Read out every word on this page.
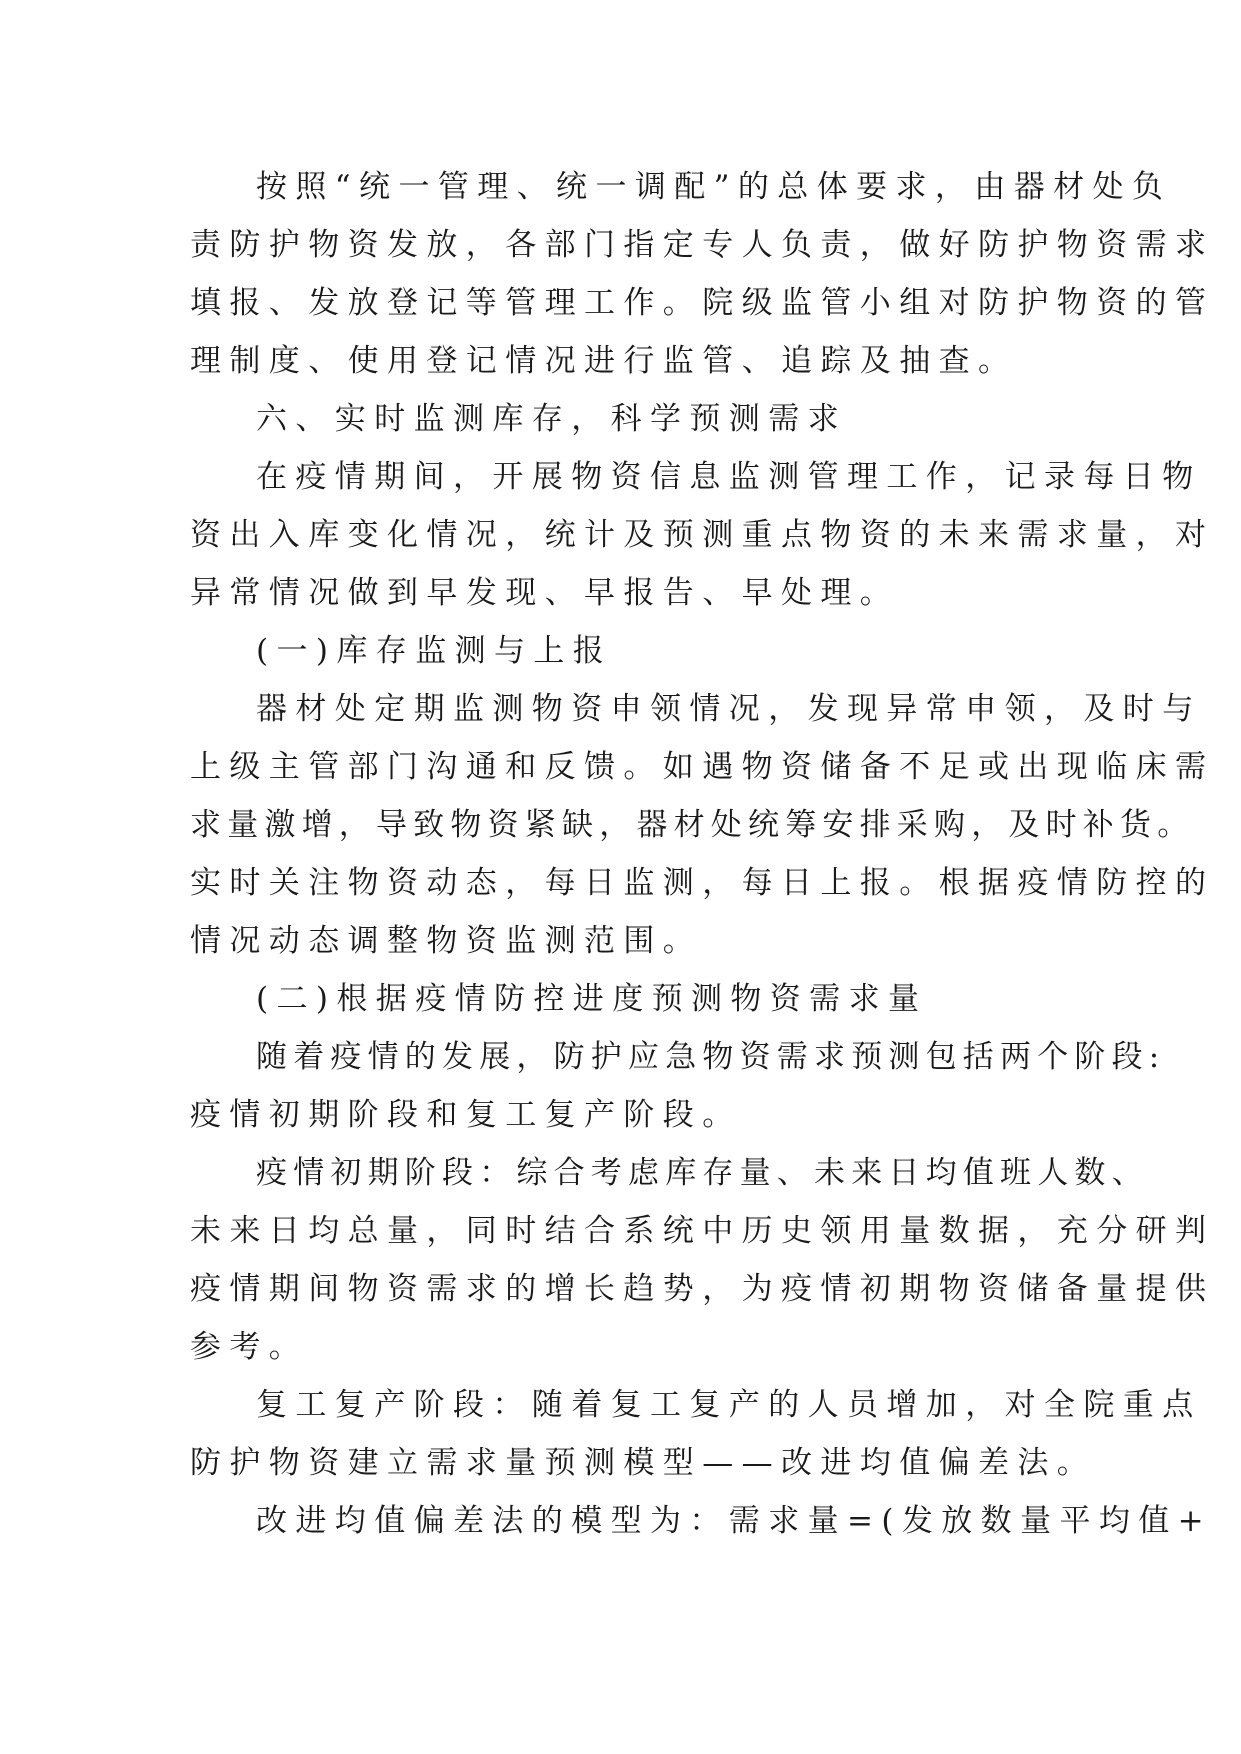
按照“统一管理、统一调配”的总体要求，由器材处负
责防护物资发放，各部门指定专人负责，做好防护物资需求
填报、发放登记等管理工作。院级监管小组对防护物资的管
理制度、使用登记情况进行监管、追踪及抽查。
六、实时监测库存，科学预测需求
在疫情期间，开展物资信息监测管理工作，记录每日物
资出入库变化情况，统计及预测重点物资的未来需求量，对
异常情况做到早发现、早报告、早处理。
(一)库存监测与上报
器材处定期监测物资申领情况，发现异常申领，及时与
上级主管部门沟通和反馈。如遇物资储备不足或出现临床需
求量激增，导致物资紧缺，器材处统筹安排采购，及时补货。
实时关注物资动态，每日监测，每日上报。根据疫情防控的
情况动态调整物资监测范围。
(二)根据疫情防控进度预测物资需求量
随着疫情的发展，防护应急物资需求预测包括两个阶段:
疫情初期阶段和复工复产阶段。
疫情初期阶段：综合考虑库存量、未来日均值班人数、
未来日均总量，同时结合系统中历史领用量数据，充分研判
疫情期间物资需求的增长趋势，为疫情初期物资储备量提供
参考。
复工复产阶段：随着复工复产的人员增加，对全院重点
防护物资建立需求量预测模型——改进均值偏差法。
改进均值偏差法的模型为：需求量=(发放数量平均值+
